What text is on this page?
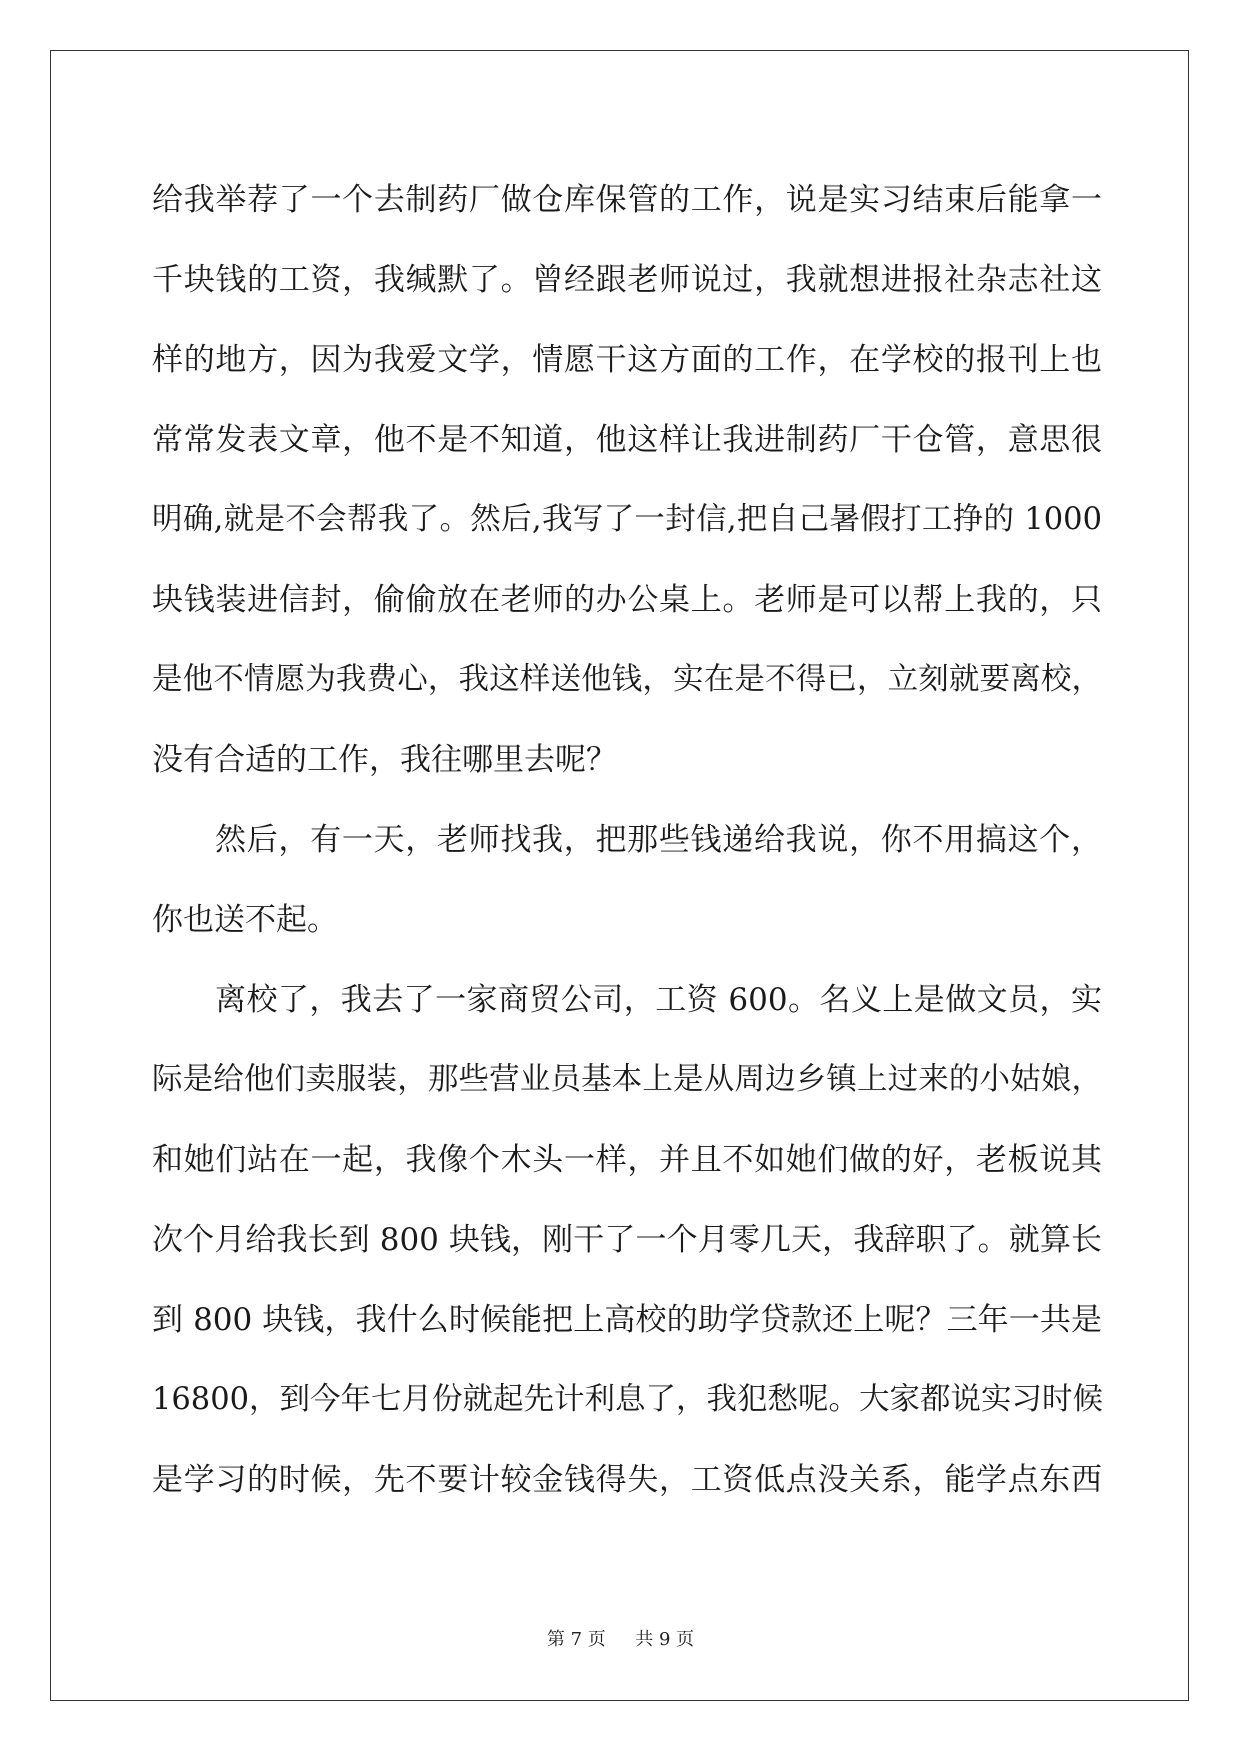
给我举荐了一个去制药厂做仓库保管的工作，说是实习结束后能拿一
千块钱的工资，我缄默了。曾经跟老师说过，我就想进报社杂志社这
样的地方，因为我爱文学，情愿干这方面的工作，在学校的报刊上也
常常发表文章，他不是不知道，他这样让我进制药厂干仓管，意思很
明确,就是不会帮我了。然后,我写了一封信,把自己暑假打工挣的 1000
块钱装进信封，偷偷放在老师的办公桌上。老师是可以帮上我的，只
是他不情愿为我费心，我这样送他钱，实在是不得已，立刻就要离校，
没有合适的工作，我往哪里去呢？
然后，有一天，老师找我，把那些钱递给我说，你不用搞这个，
你也送不起。
离校了，我去了一家商贸公司，工资 600。名义上是做文员，实
际是给他们卖服装，那些营业员基本上是从周边乡镇上过来的小姑娘，
和她们站在一起，我像个木头一样，并且不如她们做的好，老板说其
次个月给我长到 800 块钱，刚干了一个月零几天，我辞职了。就算长
到 800 块钱，我什么时候能把上高校的助学贷款还上呢？三年一共是
16800，到今年七月份就起先计利息了，我犯愁呢。大家都说实习时候
是学习的时候，先不要计较金钱得失，工资低点没关系，能学点东西
第 7 页 共 9 页
